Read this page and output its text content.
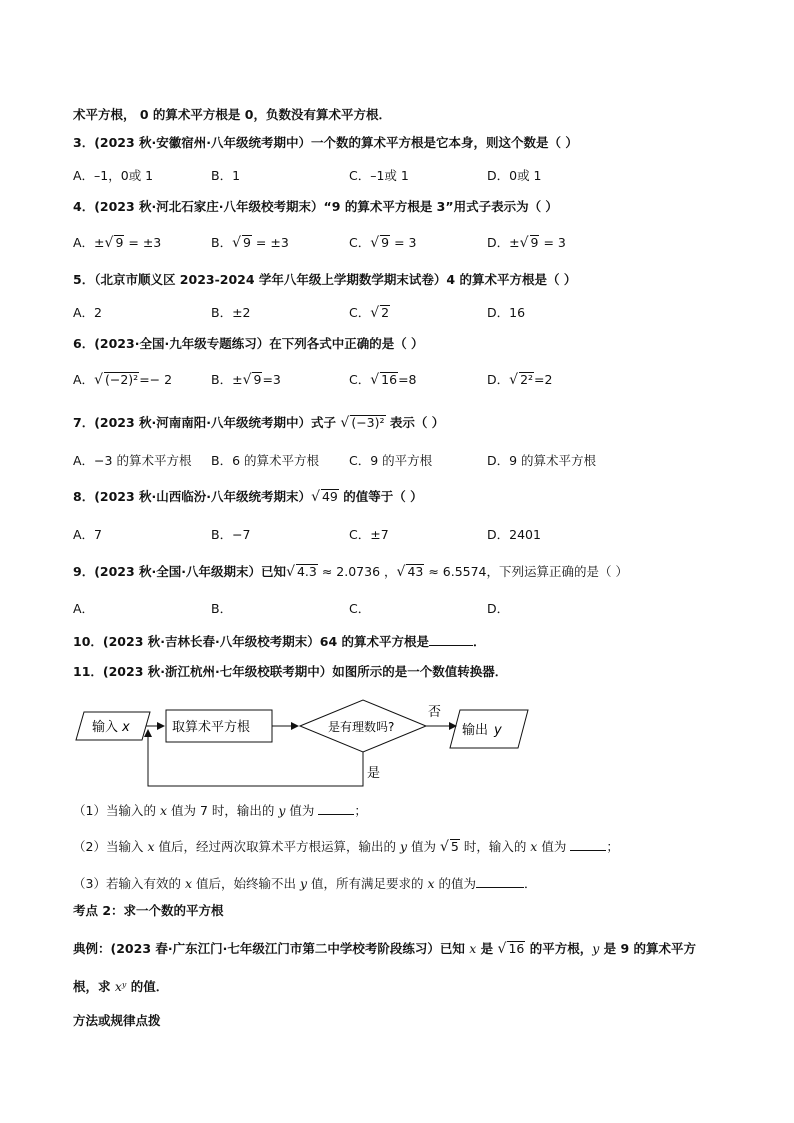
术平方根， 0 的算术平方根是 0，负数没有算术平方根．
3．(2023 秋·安徽宿州·八年级统考期中）一个数的算术平方根是它本身，则这个数是（ ）
A．–1，0或 1	B．1	C．–1或 1	D．0或 1
4．(2023 秋·河北石家庄·八年级校考期末）“9 的算术平方根是 3”用式子表示为（ ）
A．±√ 9 = ±3	B．√ 9 = ±3	C．√ 9 = 3	D．±√ 9 = 3
5．（北京市顺义区 2023-2024 学年八年级上学期数学期末试卷）4 的算术平方根是（ ）
A．2	B．±2	C．√ 2	D．16
6．(2023·全国·九年级专题练习）在下列各式中正确的是（ ）
A．√ (−2)²=− 2	B．±√ 9=3	C．√ 16=8	D．√ 2²=2
7．(2023 秋·河南南阳·八年级统考期中）式子 √ (−3)² 表示（ ）
A．−3 的算术平方根 B．6 的算术平方根 C．9 的平方根	D．9 的算术平方根
8．(2023 秋·山西临汾·八年级统考期末）√ 49 的值等于（ ）
A．7	B．−7	C．±7	D．2401
9．(2023 秋·全国·八年级期末）已知√ 4.3 ≈ 2.0736 ，√ 43 ≈ 6.5574，下列运算正确的是（ ）
A．	B．	C．	D．
10．(2023 秋·吉林长春·八年级校考期末）64 的算术平方根是	．
11．(2023 秋·浙江杭州·七年级校联考期中）如图所示的是一个数值转换器．
输入 x	取算术平方根	是有理数吗?
否
输出 y
是
（1）当输入的 x 值为 7 时，输出的 y 值为	；
（2）当输入 x 值后，经过两次取算术平方根运算，输出的 y 值为 √ 5 时，输入的 x 值为	；
（3）若输入有效的 x 值后，始终输不出 y 值，所有满足要求的 x 的值为	．
考点 2：求一个数的平方根
典例：(2023 春·广东江门·七年级江门市第二中学校考阶段练习）已知 x 是 √ 16 的平方根，y 是 9 的算术平方
根，求 xʸ 的值．
方法或规律点拨
